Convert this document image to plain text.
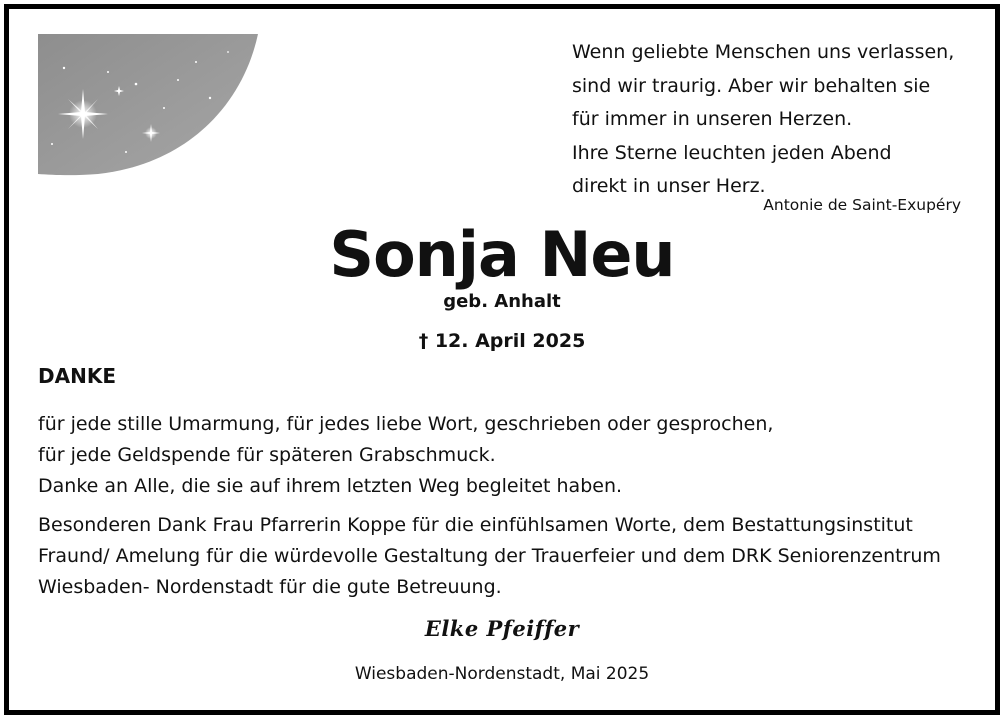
Wenn geliebte Menschen uns verlassen,
sind wir traurig. Aber wir behalten sie
für immer in unseren Herzen.
Ihre Sterne leuchten jeden Abend
direkt in unser Herz.
Antonie de Saint-Exupéry
Sonja Neu
geb. Anhalt
† 12. April 2025
DANKE
für jede stille Umarmung, für jedes liebe Wort, geschrieben oder gesprochen,
für jede Geldspende für späteren Grabschmuck.
Danke an Alle, die sie auf ihrem letzten Weg begleitet haben.
Besonderen Dank Frau Pfarrerin Koppe für die einfühlsamen Worte, dem Bestattungsinstitut
Fraund/ Amelung für die würdevolle Gestaltung der Trauerfeier und dem DRK Seniorenzentrum
Wiesbaden- Nordenstadt für die gute Betreuung.
Elke Pfeiffer
Wiesbaden-Nordenstadt, Mai 2025
